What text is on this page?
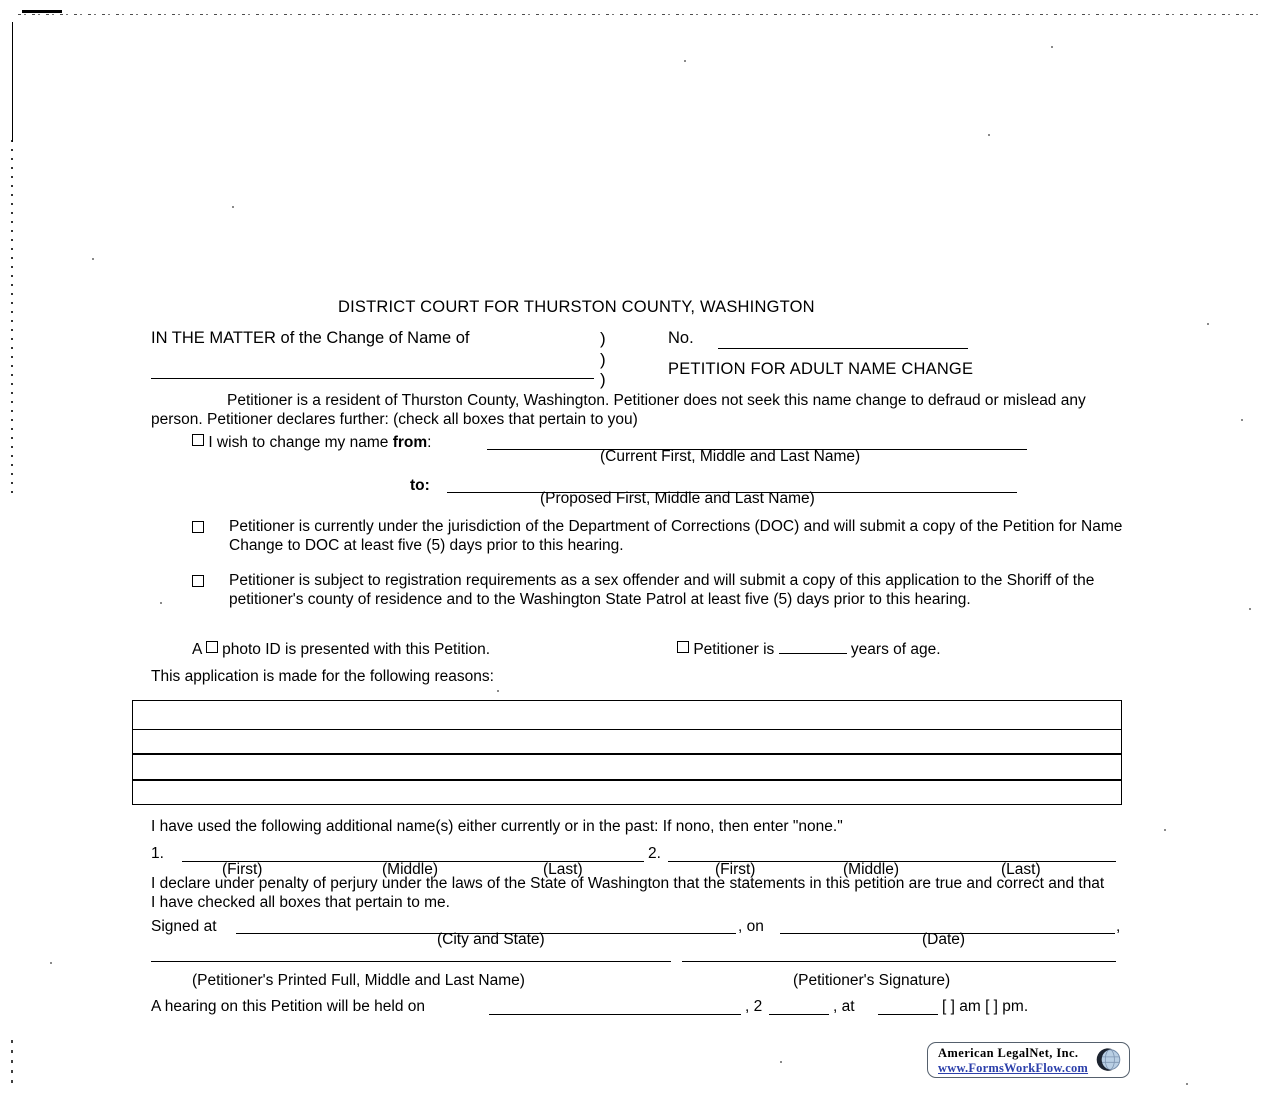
DISTRICT COURT FOR THURSTON COUNTY, WASHINGTON
IN THE MATTER of the Change of Name of	)
)
)
No.
PETITION FOR ADULT NAME CHANGE
Petitioner is a resident of Thurston County, Washington. Petitioner does not seek this name change to defraud or mislead any person. Petitioner declares further: (check all boxes that pertain to you)
I wish to change my name from:
(Current First, Middle and Last Name)
to:
(Proposed First, Middle and Last Name)
Petitioner is currently under the jurisdiction of the Department of Corrections (DOC) and will submit a copy of the Petition for Name Change to DOC at least five (5) days prior to this hearing.
Petitioner is subject to registration requirements as a sex offender and will submit a copy of this application to the Shoriff of the petitioner's county of residence and to the Washington State Patrol at least five (5) days prior to this hearing.
A photo ID is presented with this Petition.	Petitioner is	years of age.
This application is made for the following reasons:
I have used the following additional name(s) either currently or in the past: If nono, then enter "none."
1.	2.
(First)	(Middle)	(Last)	(First)	(Middle)	(Last)
I declare under penalty of perjury under the laws of the State of Washington that the statements in this petition are true and correct and that I have checked all boxes that pertain to me.
Signed at
(City and State)
, on
(Date)
,
(Petitioner's Printed Full, Middle and Last Name)	(Petitioner's Signature)
A hearing on this Petition will be held on	, 2	, at	[ ] am [ ] pm.
American LegalNet, Inc.
www.FormsWorkFlow.com
